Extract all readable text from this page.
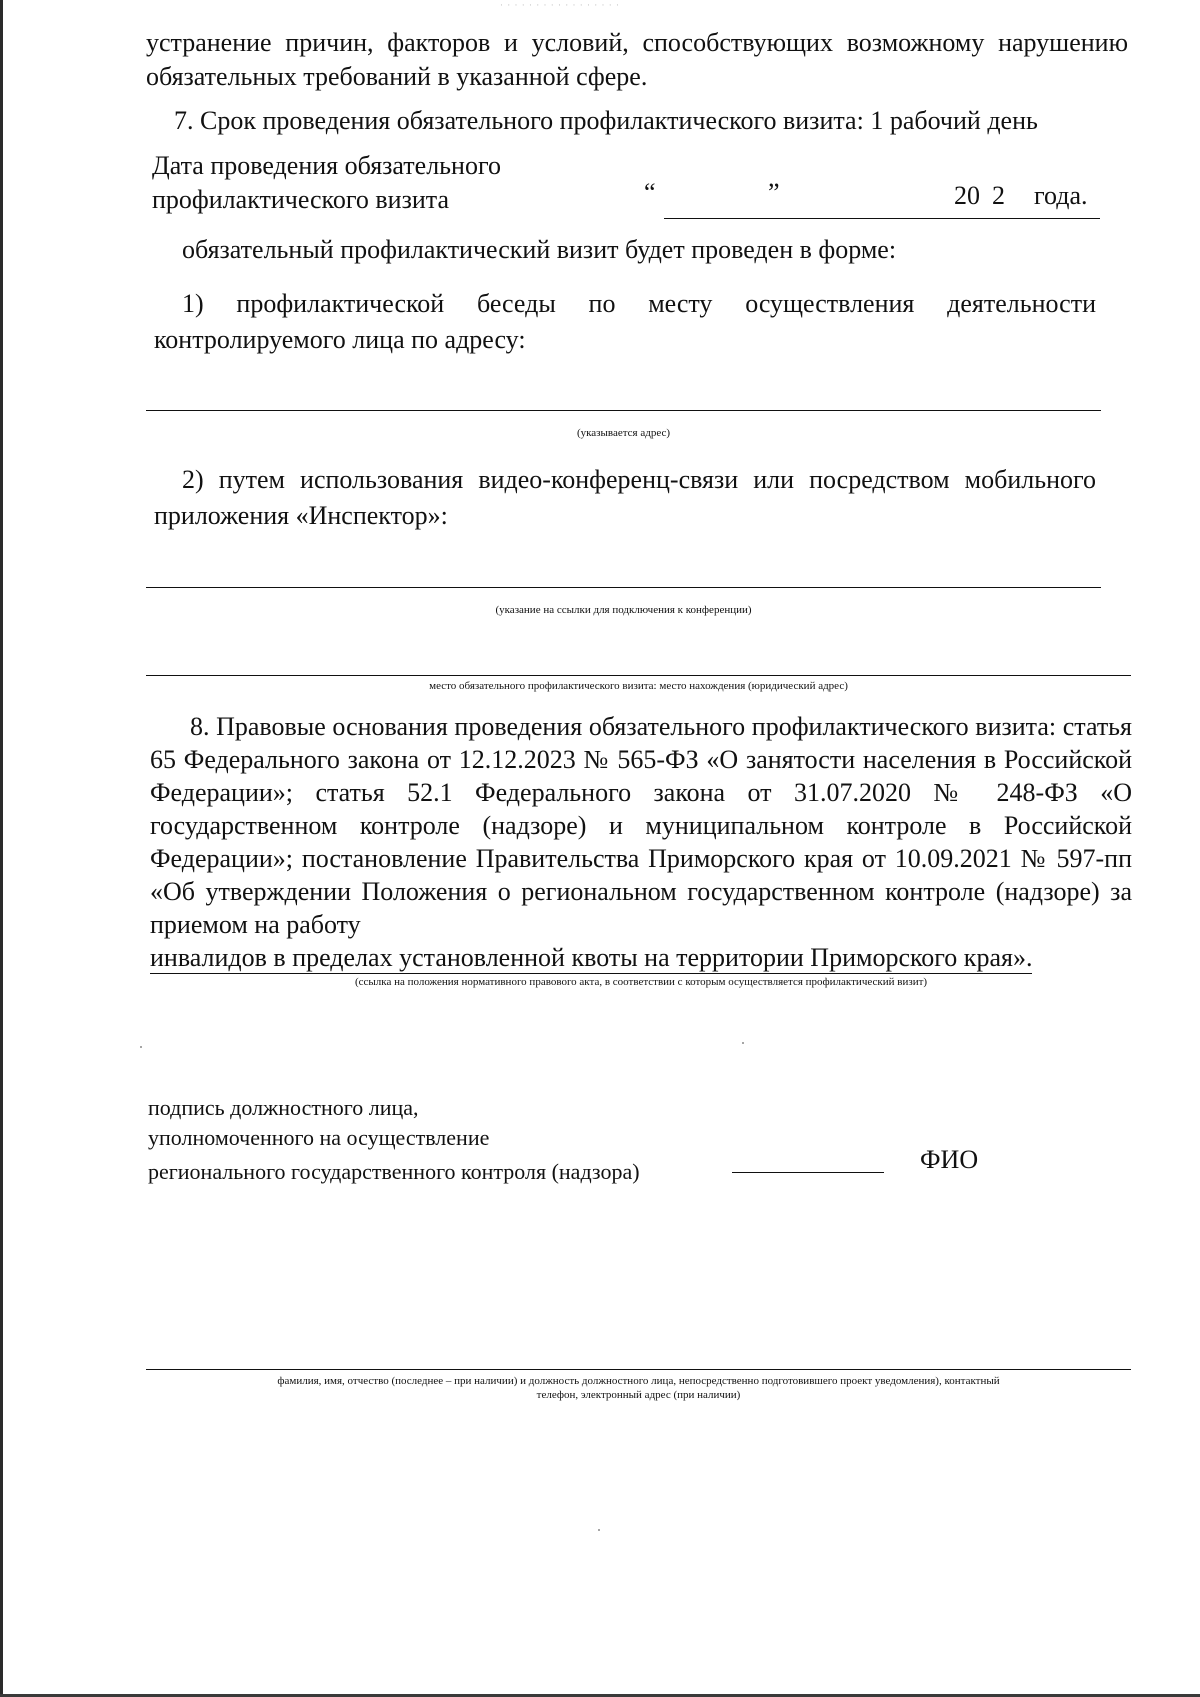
· · · · · · · · · · · · · · · · ·

устранение причин, факторов и условий, способствующих возможному нарушению обязательных требований в указанной сфере.

7. Срок проведения обязательного профилактического визита: 1 рабочий день

Дата проведения обязательного
профилактического визита	“	”	20 2 года.

обязательный профилактический визит будет проведен в форме:

1) профилактической беседы по месту осуществления деятельности контролируемого лица по адресу:

(указывается адрес)

2) путем использования видео-конференц-связи или посредством мобильного приложения «Инспектор»:

(указание на ссылки для подключения к конференции)
место обязательного профилактического визита: место нахождения (юридический адрес)

8. Правовые основания проведения обязательного профилактического визита: статья 65 Федерального закона от 12.12.2023 № 565-ФЗ «О занятости населения в Российской Федерации»; статья 52.1 Федерального закона от 31.07.2020 № 248-ФЗ «О государственном контроле (надзоре) и муниципальном контроле в Российской Федерации»; постановление Правительства Приморского края от 10.09.2021 № 597-пп «Об утверждении Положения о региональном государственном контроле (надзоре) за приемом на работу

инвалидов в пределах установленной квоты на территории Приморского края».

(ссылка на положения нормативного правового акта, в соответствии с которым осуществляется профилактический визит)
подпись должностного лица,
уполномоченного на осуществление
регионального государственного контроля (надзора)	ФИО
фамилия, имя, отчество (последнее – при наличии) и должность должностного лица, непосредственно подготовившего проект уведомления), контактный
телефон, электронный адрес (при наличии)
